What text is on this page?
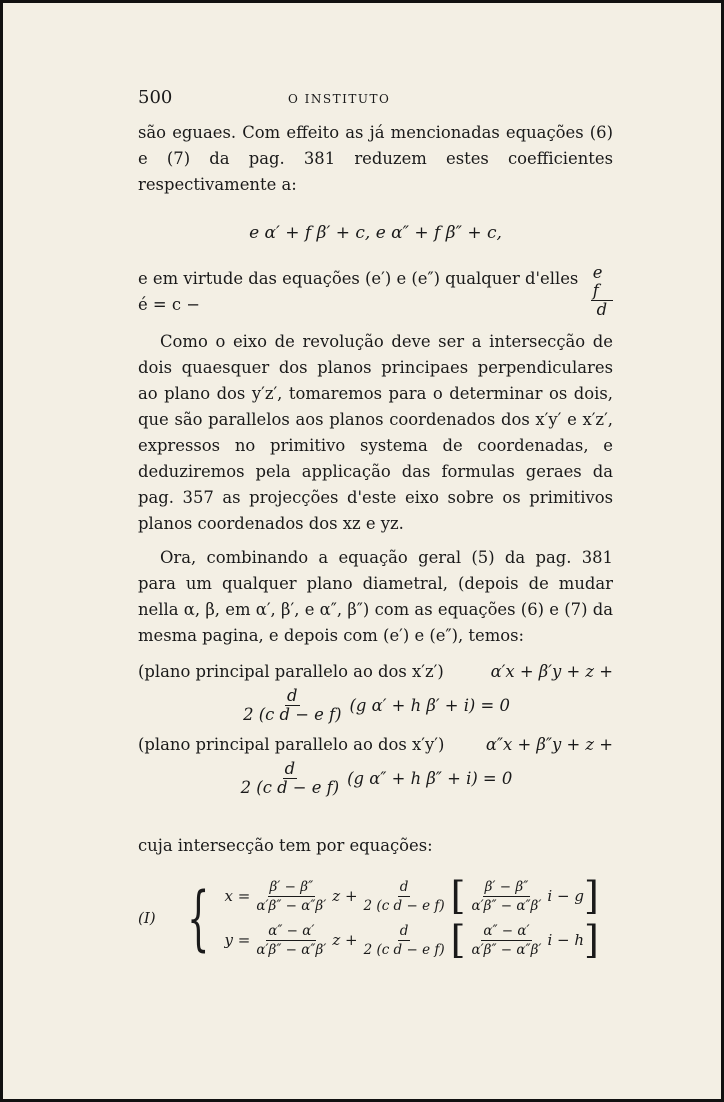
500	O INSTITUTO

são eguaes. Com effeito as já mencionadas equações (6) e (7) da pag. 381 reduzem estes coefficientes respectivamente a:

e α′ + f β′ + c, e α″ + f β″ + c,
e em virtude das equações (e′) e (e″) qualquer d'elles é = c −	$\frac{\text{e f}}{d}$

Como o eixo de revolução deve ser a intersecção de dois quaesquer dos planos principaes perpendiculares ao plano dos y′z′, tomaremos para o determinar os dois, que são parallelos aos planos coordenados dos x′y′ e x′z′, expressos no primitivo systema de coordenadas, e deduziremos pela applicação das formulas geraes da pag. 357 as projecções d'este eixo sobre os primitivos planos coordenados dos xz e yz.

Ora, combinando a equação geral (5) da pag. 381 para um qualquer plano diametral, (depois de mudar nella α, β, em α′, β′, e α″, β″) com as equações (6) e (7) da mesma pagina, e depois com (e′) e (e″), temos:

(plano principal parallelo ao dos x′z′)	α′x + β′y + z +
$\frac{d}{\text{2 (c d − e f)}} (g$ α′ + h β′ + i) = 0
(plano principal parallelo ao dos x′y′)	α″x + β″y + z +
$\frac{d}{\text{2 (c d − e f)}} (g$ α″ + h β″ + i) = 0

cuja intersecção tem por equações:

(I) { $x = \frac{\beta' - \beta''}{\alpha'\beta'' - \alpha''\beta'}$ $z + \frac{d}{\text{2 (c d − e f)}}$ [ $\frac{\beta' - \beta''}{\alpha'\beta'' - \alpha''\beta'}$ i − g ]
$y = \frac{\alpha'' - \alpha'}{\alpha'\beta'' - \alpha''\beta'}$ $z + \frac{d}{\text{2 (c d − e f)}}$ [ $\frac{\alpha'' - \alpha'}{\alpha'\beta'' - \alpha''\beta'}$ i − h ]
